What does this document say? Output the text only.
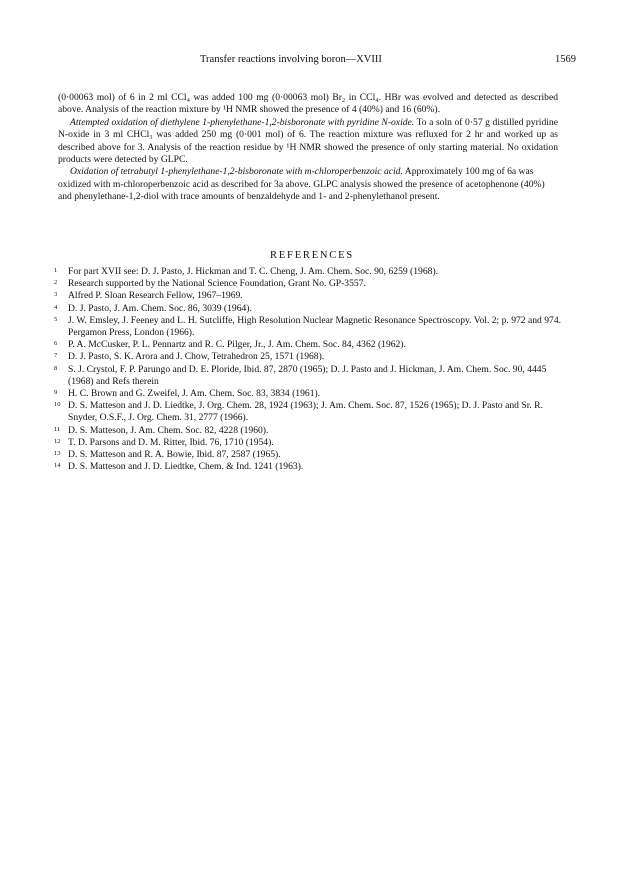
Transfer reactions involving boron—XVIII	1569

(0·00063 mol) of 6 in 2 ml CCl₄ was added 100 mg (0·00063 mol) Br₂ in CCl₄. HBr was evolved and detected as described above. Analysis of the reaction mixture by ¹H NMR showed the presence of 4 (40%) and 16 (60%).

Attempted oxidation of diethylene 1-phenylethane-1,2-bisboronate with pyridine N-oxide. To a soln of 0·57 g distilled pyridine N-oxide in 3 ml CHCl₃ was added 250 mg (0·001 mol) of 6. The reaction mixture was refluxed for 2 hr and worked up as described above for 3. Analysis of the reaction residue by ¹H NMR showed the presence of only starting material. No oxidation products were detected by GLPC.

Oxidation of tetrabutyl 1-phenylethane-1,2-bisboronate with m-chloroperbenzoic acid. Approximately 100 mg of 6a was oxidized with m-chloroperbenzoic acid as described for 3a above. GLPC analysis showed the presence of acetophenone (40%) and phenylethane-1,2-diol with trace amounts of benzaldehyde and 1- and 2-phenylethanol present.

REFERENCES
1 For part XVII see: D. J. Pasto, J. Hickman and T. C. Cheng, J. Am. Chem. Soc. 90, 6259 (1968).
2 Research supported by the National Science Foundation, Grant No. GP-3557.
3 Alfred P. Sloan Research Fellow, 1967–1969.
4 D. J. Pasto, J. Am. Chem. Soc. 86, 3039 (1964).
5 J. W. Emsley, J. Feeney and L. H. Sutcliffe, High Resolution Nuclear Magnetic Resonance Spectroscopy. Vol. 2; p. 972 and 974. Pergamon Press, London (1966).
6 P. A. McCusker, P. L. Pennartz and R. C. Pilger, Jr., J. Am. Chem. Soc. 84, 4362 (1962).
7 D. J. Pasto, S. K. Arora and J. Chow, Tetrahedron 25, 1571 (1968).
8 S. J. Crystol, F. P. Parungo and D. E. Ploride, Ibid. 87, 2870 (1965); D. J. Pasto and J. Hickman, J. Am. Chem. Soc. 90, 4445 (1968) and Refs therein
9 H. C. Brown and G. Zweifel, J. Am. Chem. Soc. 83, 3834 (1961).
10 D. S. Matteson and J. D. Liedtke, J. Org. Chem. 28, 1924 (1963); J. Am. Chem. Soc. 87, 1526 (1965); D. J. Pasto and Sr. R. Snyder, O.S.F., J. Org. Chem. 31, 2777 (1966).
11 D. S. Matteson, J. Am. Chem. Soc. 82, 4228 (1960).
12 T. D. Parsons and D. M. Ritter, Ibid. 76, 1710 (1954).
13 D. S. Matteson and R. A. Bowie, Ibid. 87, 2587 (1965).
14 D. S. Matteson and J. D. Liedtke, Chem. & Ind. 1241 (1963).
